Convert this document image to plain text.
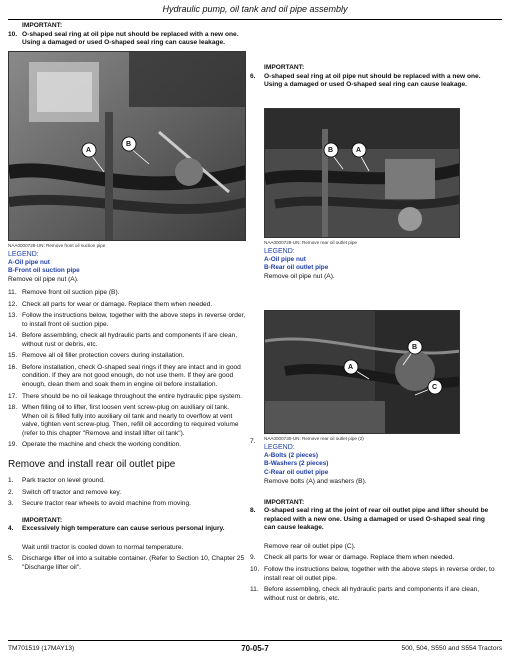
Hydraulic pump, oil tank and oil pipe assembly
IMPORTANT:
10. O-shaped seal ring at oil pipe nut should be replaced with a new one. Using a damaged or used O-shaped seal ring can cause leakage.
A
B
NAA0000728-UN: Remove front oil suction pipe
LEGEND:
A-Oil pipe nut
B-Front oil suction pipe
Remove oil pipe nut (A).
11. Remove front oil suction pipe (B).
12. Check all parts for wear or damage. Replace them when needed.
13. Follow the instructions below, together with the above steps in reverse order, to install front oil suction pipe.
14. Before assembling, check all hydraulic parts and components if are clean, without rust or debris, etc.
15. Remove all oil filler protection covers during installation.
16. Before installation, check O-shaped seal rings if they are intact and in good condition. If they are not good enough, do not use them. If they are good enough, clean them and soak them in engine oil before installation.
17. There should be no oil leakage throughout the entire hydraulic pipe system.
18. When filling oil to lifter, first loosen vent screw-plug on auxiliary oil tank. When oil is filled fully into auxiliary oil tank and nearly to overflow at vent valve, tighten vent screw-plug. Then, refill oil according to required volume (refer to this chapter "Remove and install lifter oil tank").
19. Operate the machine and check the working condition.
Remove and install rear oil outlet pipe
1. Park tractor on level ground.
2. Switch off tractor and remove key.
3. Secure tractor rear wheels to avoid machine from moving.
IMPORTANT:
4. Excessively high temperature can cause serious personal injury.
Wait until tractor is cooled down to normal temperature.
5. Discharge lifter oil into a suitable container. (Refer to Section 10, Chapter 25 "Discharge lifter oil".
IMPORTANT:
6. O-shaped seal ring at oil pipe nut should be replaced with a new one. Using a damaged or used O-shaped seal ring can cause leakage.
B	A
NAA0000729-UN: Remove rear oil outlet pipe
LEGEND:
A-Oil pipe nut
B-Rear oil outlet pipe
Remove oil pipe nut (A).
B
A
C
7. NAA0000730-UN: Remove rear oil outlet pipe (2)
LEGEND:
A-Bolts (2 pieces)
B-Washers (2 pieces)
C-Rear oil outlet pipe
Remove bolts (A) and washers (B).
IMPORTANT:
8. O-shaped seal ring at the joint of rear oil outlet pipe and lifter should be replaced with a new one. Using a damaged or used O-shaped seal ring can cause leakage.
Remove rear oil outlet pipe (C).
9. Check all parts for wear or damage. Replace them when needed.
10. Follow the instructions below, together with the above steps in reverse order, to install rear oil outlet pipe.
11. Before assembling, check all hydraulic parts and components if are clean, without rust or debris, etc.
TM701519 (17MAY13)	70-05-7	500, 504, S550 and S554 Tractors
